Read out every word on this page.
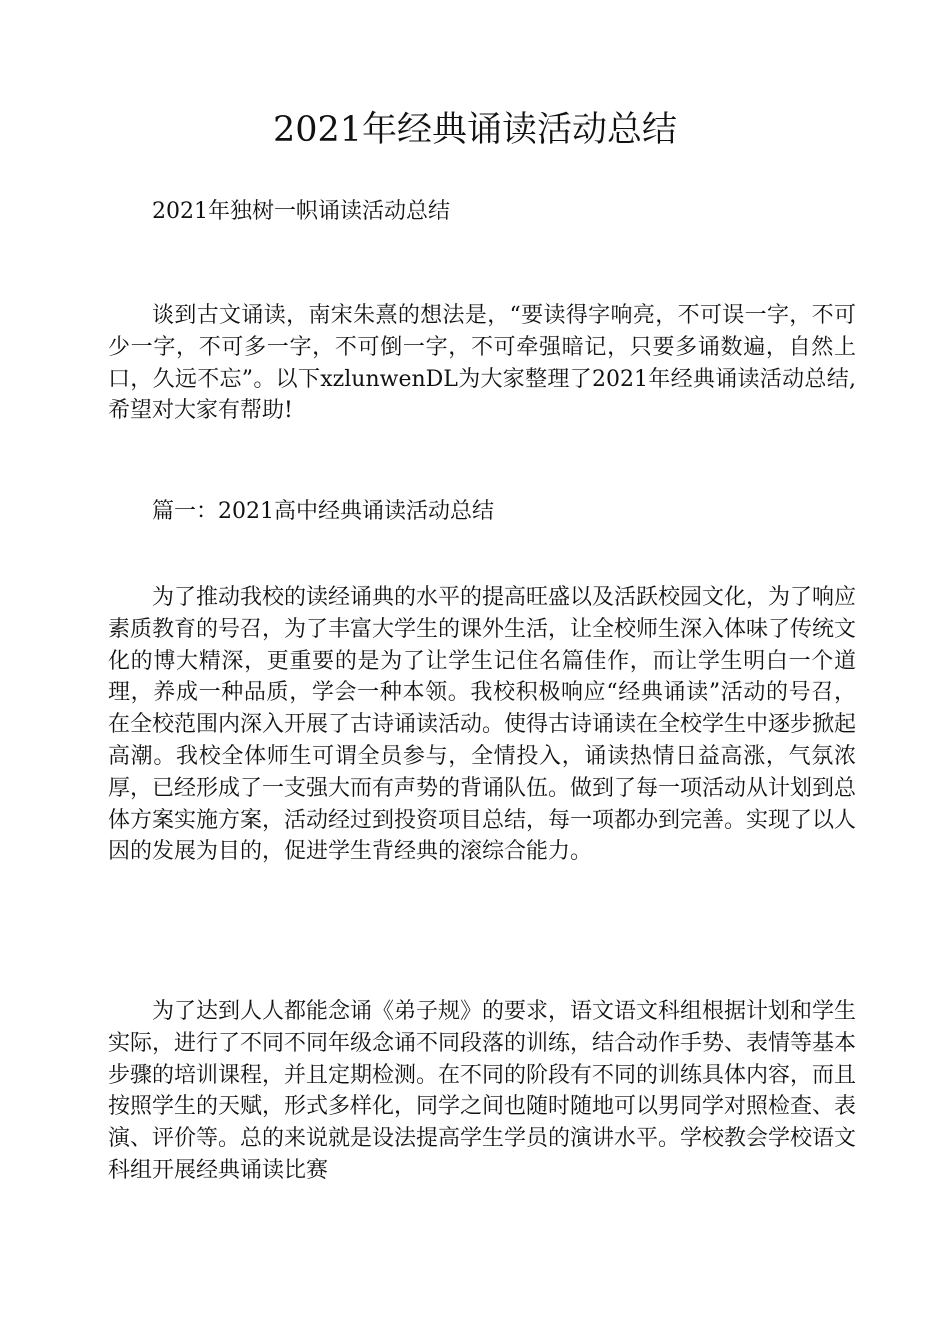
2021年经典诵读活动总结

2021年独树一帜诵读活动总结

谈到古文诵读，南宋朱熹的想法是，“要读得字响亮，不可误一字，不可少一字，不可多一字，不可倒一字，不可牵强暗记，只要多诵数遍，自然上口，久远不忘”。以下xzlunwenDL为大家整理了2021年经典诵读活动总结,希望对大家有帮助!

篇一：2021高中经典诵读活动总结

为了推动我校的读经诵典的水平的提高旺盛以及活跃校园文化，为了响应素质教育的号召，为了丰富大学生的课外生活，让全校师生深入体味了传统文化的博大精深，更重要的是为了让学生记住名篇佳作，而让学生明白一个道理，养成一种品质，学会一种本领。我校积极响应“经典诵读”活动的号召，在全校范围内深入开展了古诗诵读活动。使得古诗诵读在全校学生中逐步掀起高潮。我校全体师生可谓全员参与，全情投入，诵读热情日益高涨，气氛浓厚，已经形成了一支强大而有声势的背诵队伍。做到了每一项活动从计划到总体方案实施方案，活动经过到投资项目总结，每一项都办到完善。实现了以人因的发展为目的，促进学生背经典的滚综合能力。

为了达到人人都能念诵《弟子规》的要求，语文语文科组根据计划和学生实际，进行了不同不同年级念诵不同段落的训练，结合动作手势、表情等基本步骤的培训课程，并且定期检测。在不同的阶段有不同的训练具体内容，而且按照学生的天赋，形式多样化，同学之间也随时随地可以男同学对照检查、表演、评价等。总的来说就是设法提高学生学员的演讲水平。学校教会学校语文科组开展经典诵读比赛
